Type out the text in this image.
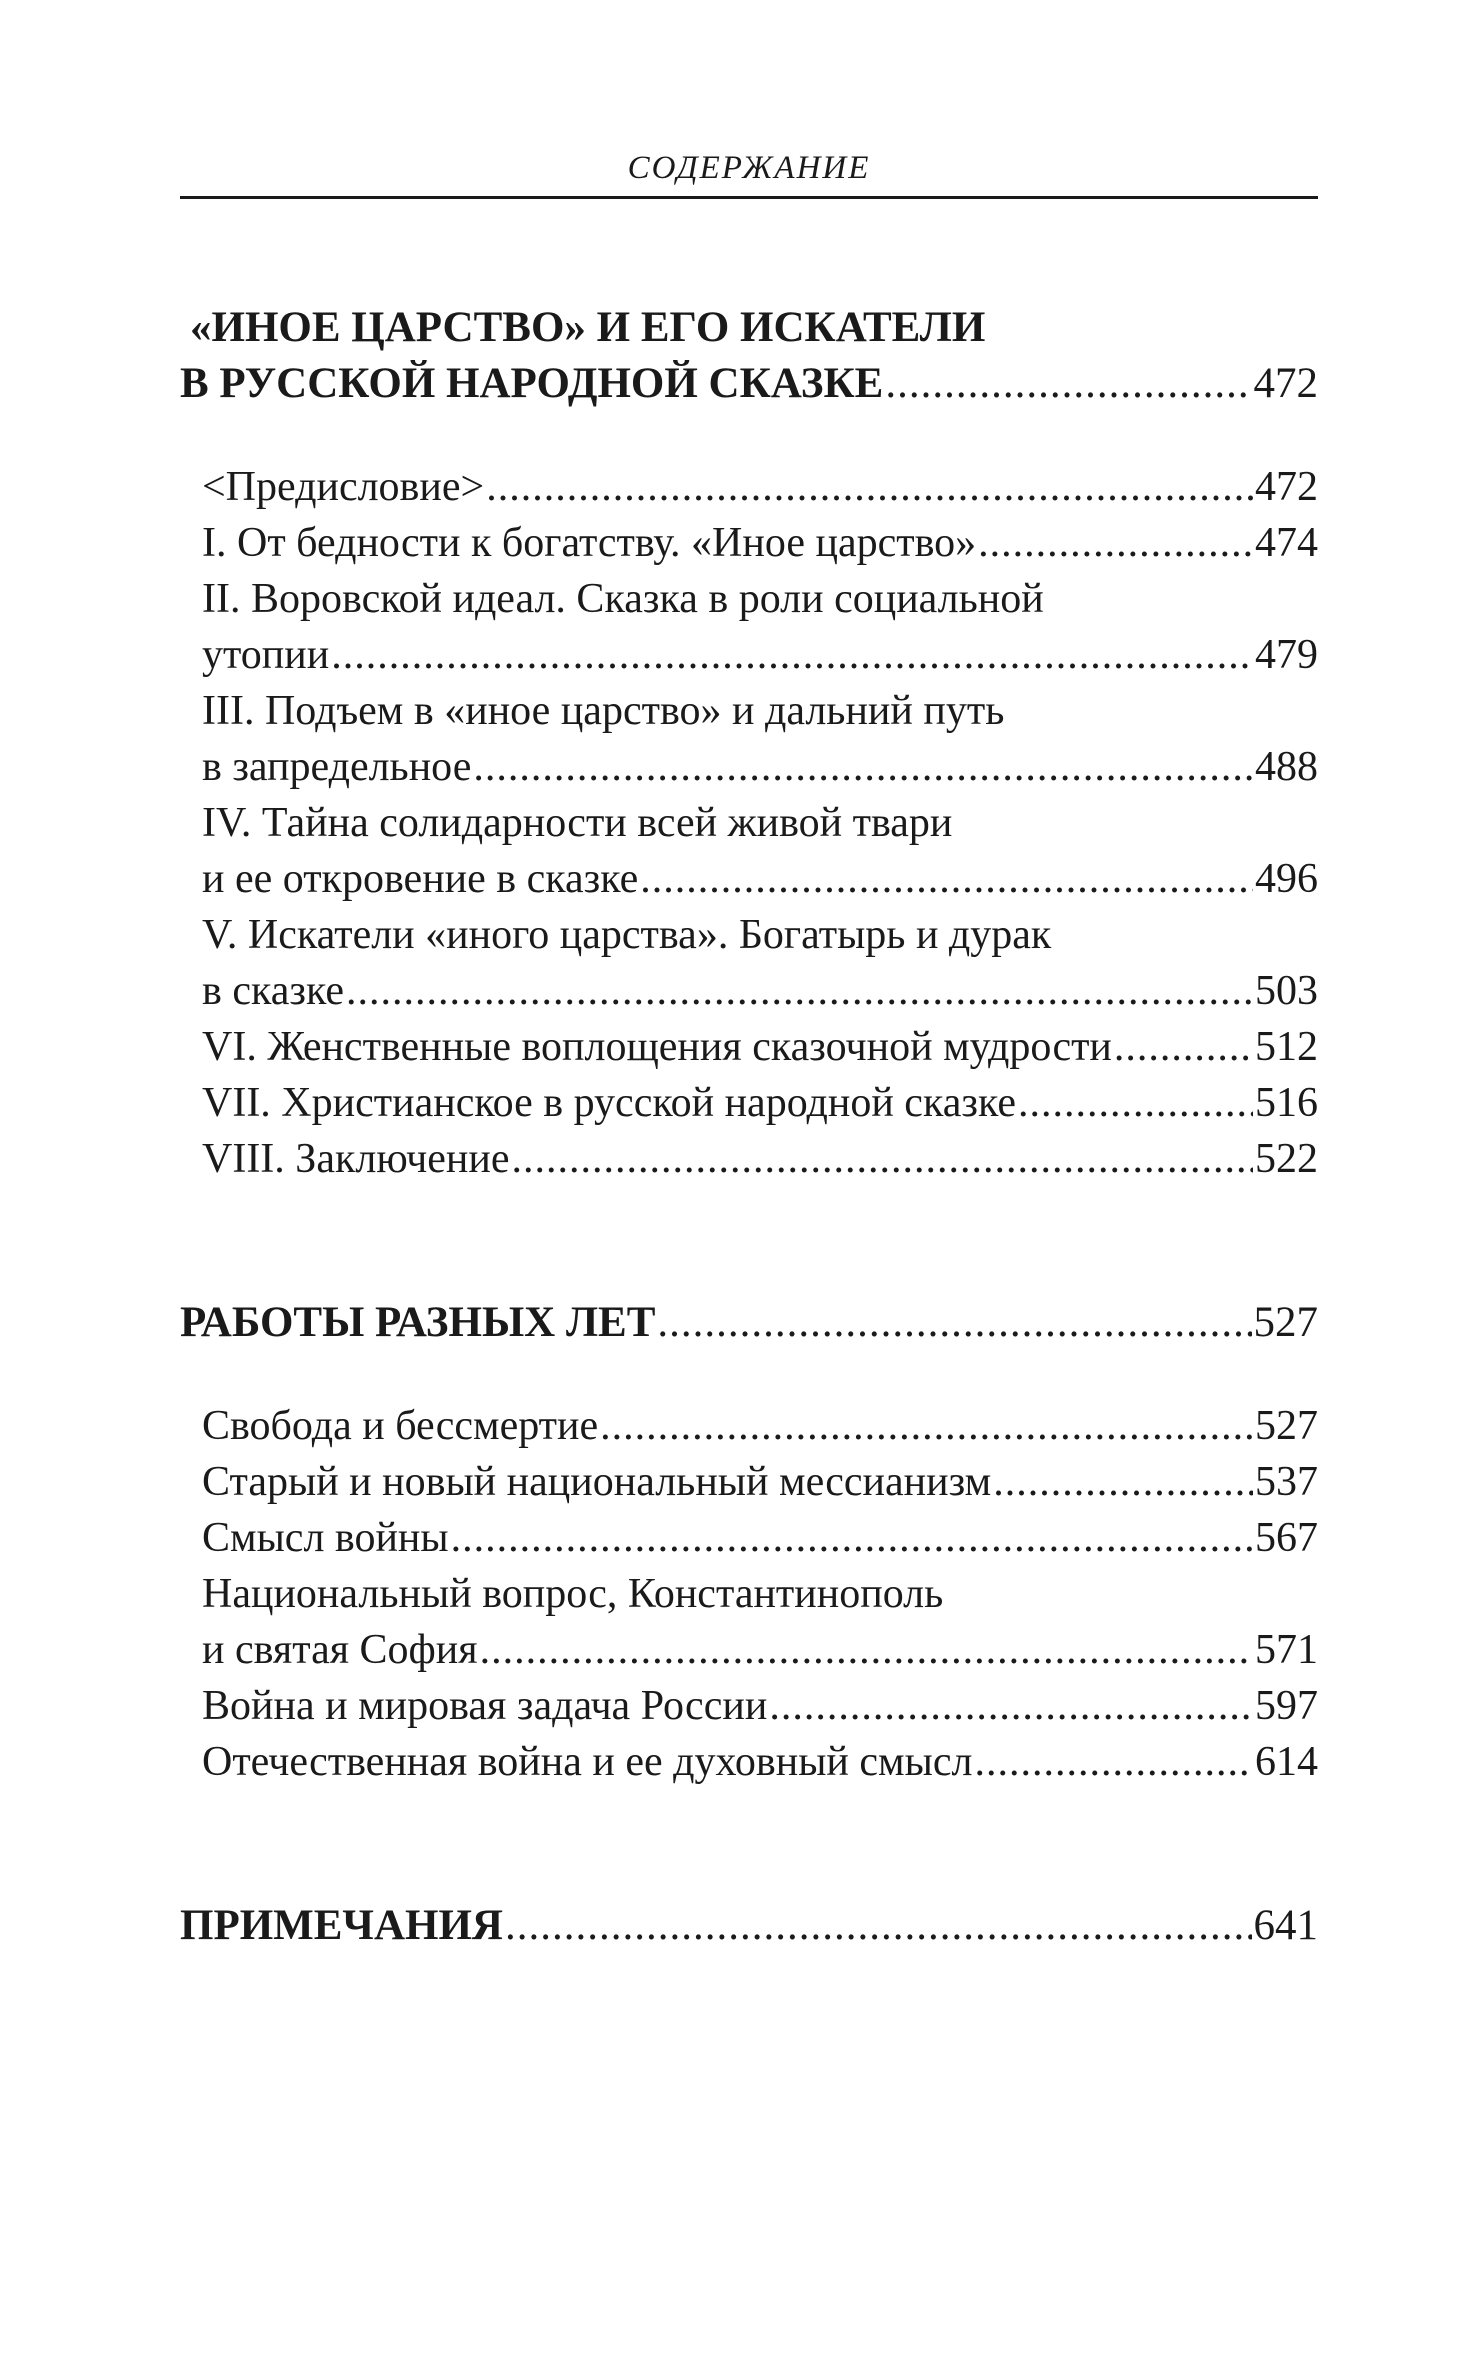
СОДЕРЖАНИЕ
«ИНОЕ ЦАРСТВО» И ЕГО ИСКАТЕЛИ
В РУССКОЙ НАРОДНОЙ СКАЗКЕ .....	472
<Предисловие> .....	472
I. От бедности к богатству. «Иное царство» .....	474
II. Воровской идеал. Сказка в роли социальной
утопии .....	479
III. Подъем в «иное царство» и дальний путь
в запредельное .....	488
IV. Тайна солидарности всей живой твари
и ее откровение в сказке .....	496
V. Искатели «иного царства». Богатырь и дурак
в сказке .....	503
VI. Женственные воплощения сказочной мудрости .....	512
VII. Христианское в русской народной сказке .....	516
VIII. Заключение .....	522
РАБОТЫ РАЗНЫХ ЛЕТ .....	527
Свобода и бессмертие .....	527
Старый и новый национальный мессианизм .....	537
Смысл войны .....	567
Национальный вопрос, Константинополь
и святая София .....	571
Война и мировая задача России .....	597
Отечественная война и ее духовный смысл .....	614
ПРИМЕЧАНИЯ .....	641
